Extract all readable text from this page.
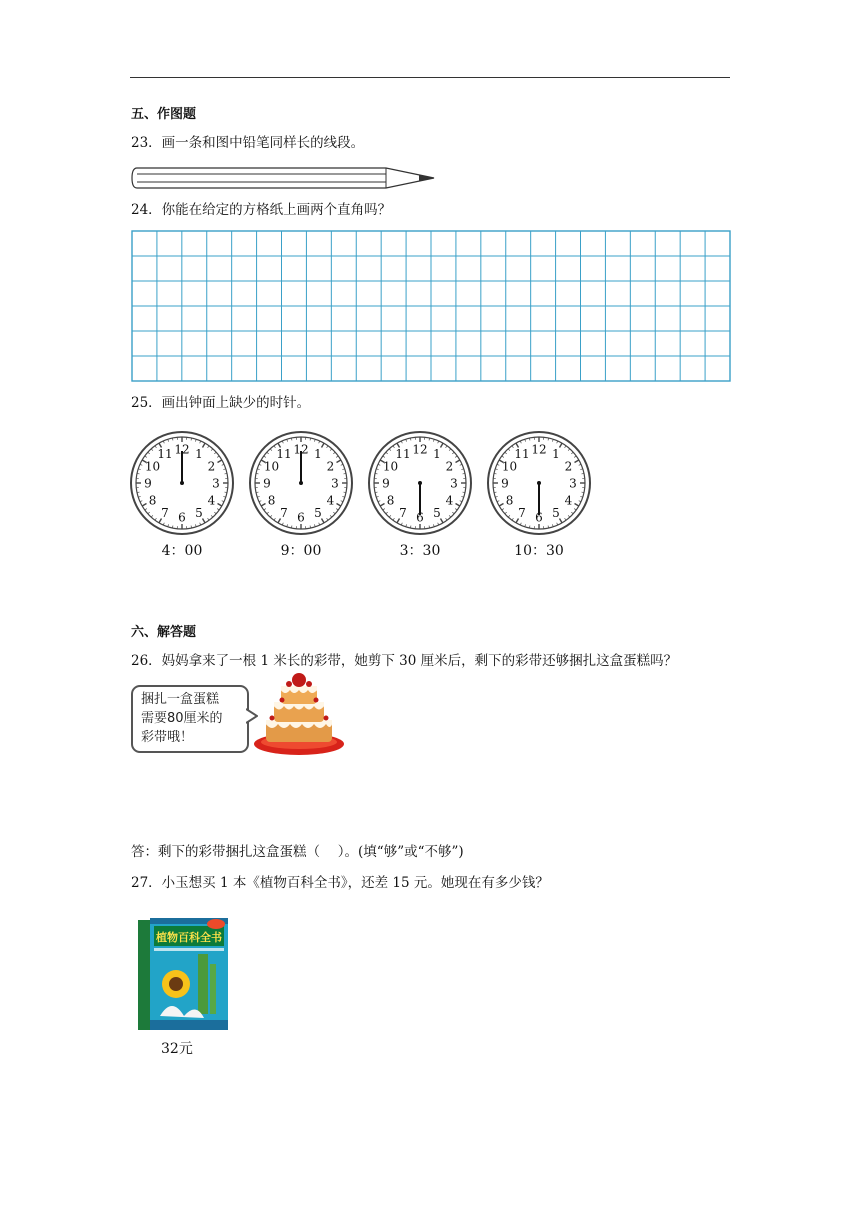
五、作图题
23．画一条和图中铅笔同样长的线段。
24．你能在给定的方格纸上画两个直角吗？
25．画出钟面上缺少的时针。
12 1
2
3
4
5
6
7
8
9
10
11	12 1
2
3
4
5
6
7
8
9
10
11	12 1
2
3
4
5
6
7
8
9
10
11	12 1
2
3
4
5
6
7
8
9
10
11
4：00	9：00	3：30	10：30
六、解答题
26．妈妈拿来了一根 1 米长的彩带，她剪下 30 厘米后，剩下的彩带还够捆扎这盒蛋糕吗？
捆扎一盒蛋糕
需要80厘米的
彩带哦！
答：剩下的彩带捆扎这盒蛋糕（　 ）。(填“够”或“不够”)
27．小玉想买 1 本《植物百科全书》，还差 15 元。她现在有多少钱？
植物百科全书
32元
